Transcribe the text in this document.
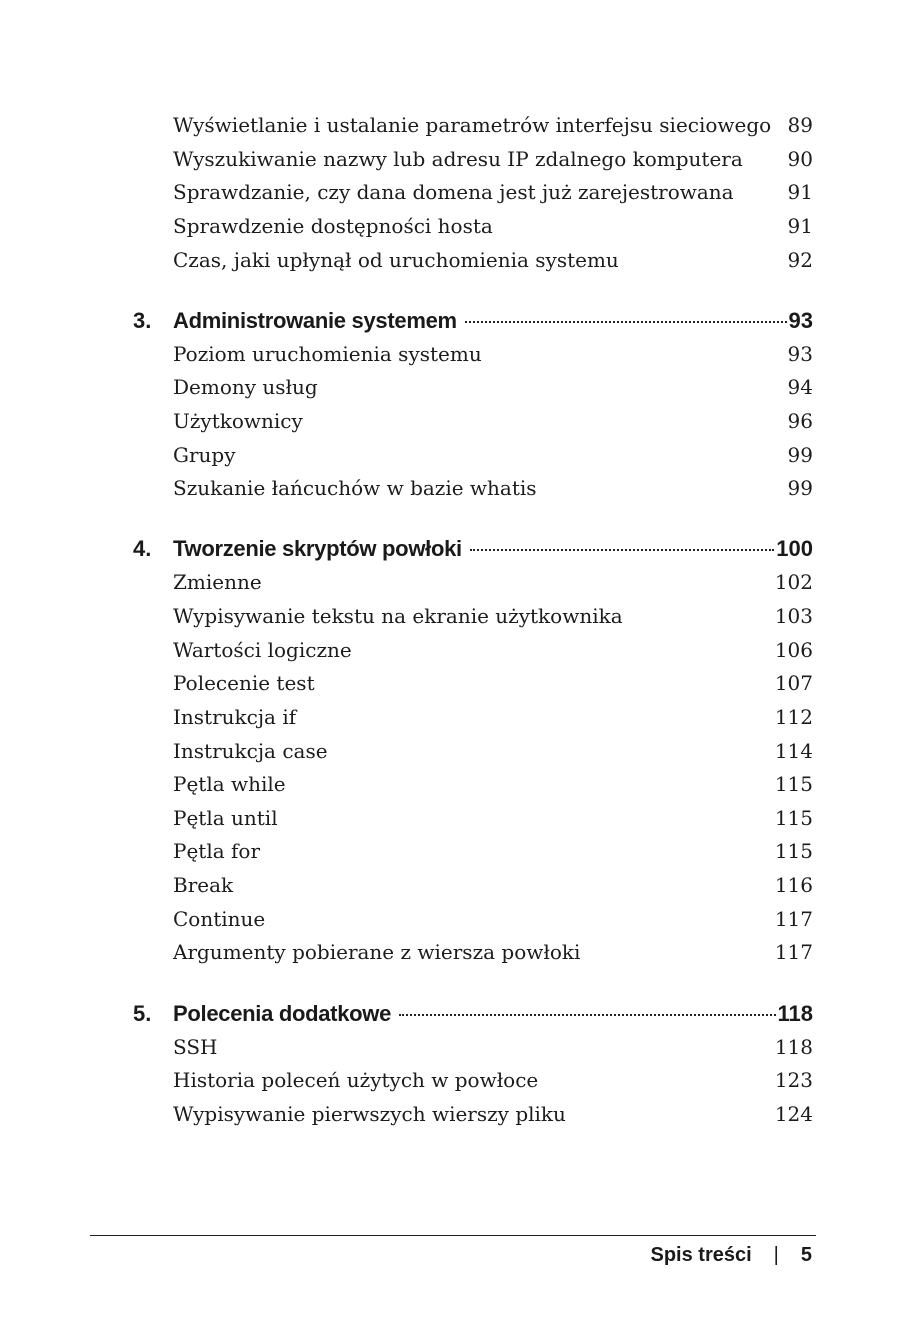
Wyświetlanie i ustalanie parametrów interfejsu sieciowego 89
Wyszukiwanie nazwy lub adresu IP zdalnego komputera 90
Sprawdzanie, czy dana domena jest już zarejestrowana	91
Sprawdzenie dostępności hosta	91
Czas, jaki upłynął od uruchomienia systemu	92
3. Administrowanie systemem	93
Poziom uruchomienia systemu	93
Demony usług	94
Użytkownicy	96
Grupy	99
Szukanie łańcuchów w bazie whatis	99
4. Tworzenie skryptów powłoki	100
Zmienne	102
Wypisywanie tekstu na ekranie użytkownika	103
Wartości logiczne	106
Polecenie test	107
Instrukcja if	112
Instrukcja case	114
Pętla while	115
Pętla until	115
Pętla for	115
Break	116
Continue	117
Argumenty pobierane z wiersza powłoki	117
5. Polecenia dodatkowe	118
SSH	118
Historia poleceń użytych w powłoce	123
Wypisywanie pierwszych wierszy pliku	124
Spis treści | 5
